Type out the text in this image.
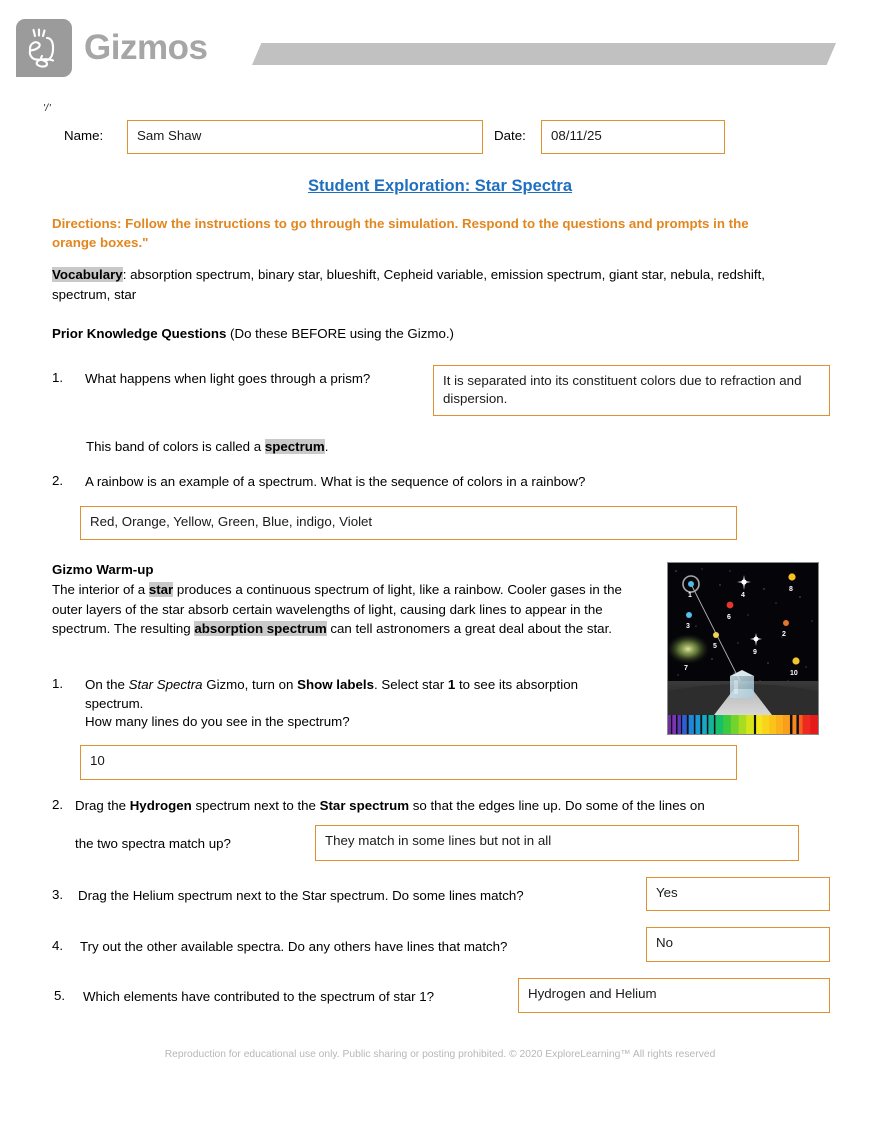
Gizmos
'/'
Name:	Sam Shaw	Date:	08/11/25
Student Exploration: Star Spectra
Directions: Follow the instructions to go through the simulation. Respond to the questions and prompts in the orange boxes."
Vocabulary: absorption spectrum, binary star, blueshift, Cepheid variable, emission spectrum, giant star, nebula, redshift, spectrum, star
Prior Knowledge Questions (Do these BEFORE using the Gizmo.)
1. What happens when light goes through a prism?	It is separated into its constituent colors due to refraction and dispersion.
This band of colors is called a spectrum.
2. A rainbow is an example of a spectrum. What is the sequence of colors in a rainbow?
Red, Orange, Yellow, Green, Blue, indigo, Violet
Gizmo Warm-up
The interior of a star produces a continuous spectrum of light, like a rainbow. Cooler gases in the outer layers of the star absorb certain wavelengths of light, causing dark lines to appear in the spectrum. The resulting absorption spectrum can tell astronomers a great deal about the star.
1
3
7
5
6
4
9
2
8
10
1. On the Star Spectra Gizmo, turn on Show labels. Select star 1 to see its absorption spectrum.
How many lines do you see in the spectrum?
10
2. Drag the Hydrogen spectrum next to the Star spectrum so that the edges line up. Do some of the lines on
the two spectra match up?	They match in some lines but not in all
3. Drag the Helium spectrum next to the Star spectrum. Do some lines match?	Yes
4. Try out the other available spectra. Do any others have lines that match?	No
5. Which elements have contributed to the spectrum of star 1?	Hydrogen and Helium
Reproduction for educational use only. Public sharing or posting prohibited. © 2020 ExploreLearning™ All rights reserved
